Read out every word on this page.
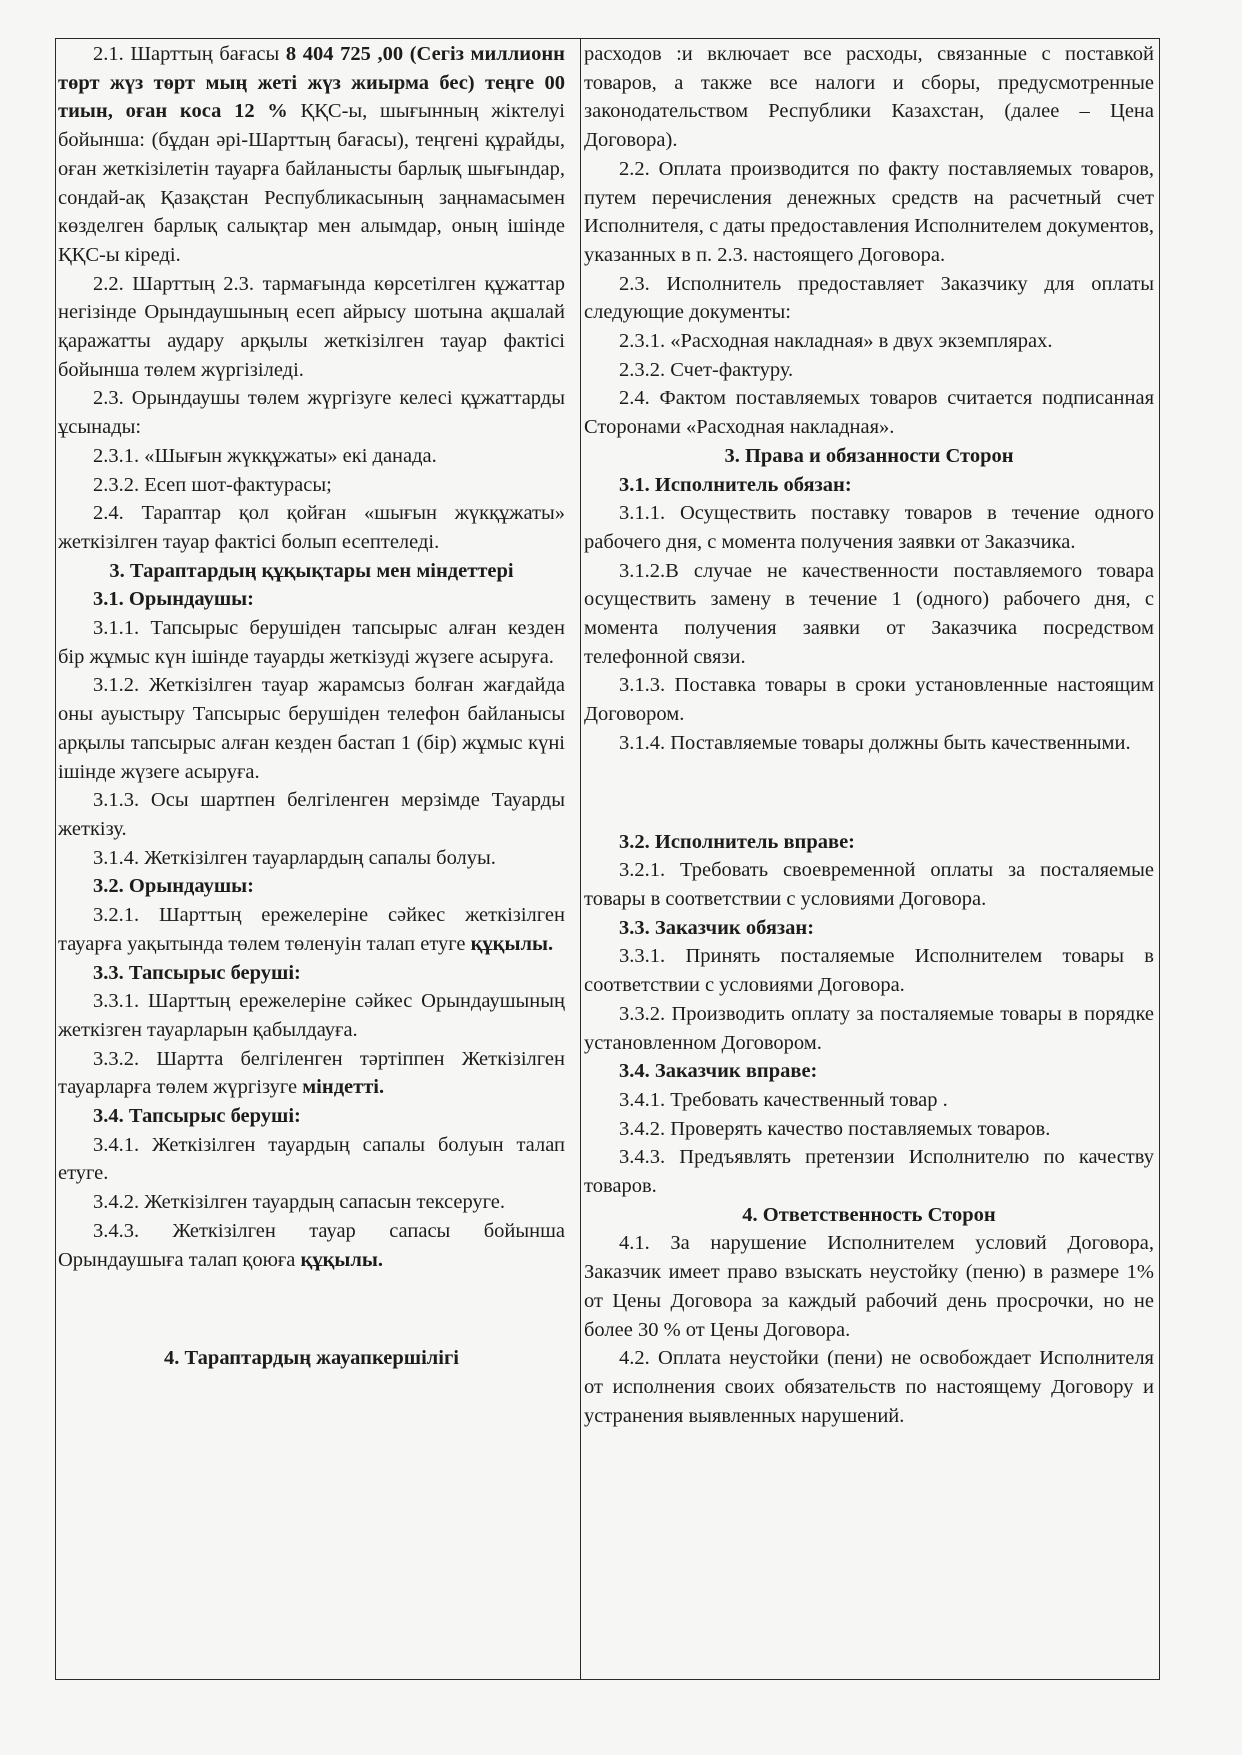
2.1. Шарттың бағасы 8 404 725 ,00 (Сегіз миллионн төрт жүз төрт мың жеті жүз жиырма бес) теңге 00 тиын, оған коса 12 % ҚҚС-ы, шығынның жіктелуі бойынша: (бұдан әрі-Шарттың бағасы), теңгені құрайды, оған жеткізілетін тауарға байланысты барлық шығындар, сондай-ақ Қазақстан Республикасының заңнамасымен көзделген барлық салықтар мен алымдар, оның ішінде ҚҚС-ы кіреді.

2.2. Шарттың 2.3. тармағында көрсетілген құжаттар негізінде Орындаушының есеп айрысу шотына ақшалай қаражатты аудару арқылы жеткізілген тауар фактісі бойынша төлем жүргізіледі.

2.3. Орындаушы төлем жүргізуге келесі құжаттарды ұсынады:

2.3.1. «Шығын жүкқұжаты» екі данада.

2.3.2. Есеп шот-фактурасы;

2.4. Тараптар қол қойған «шығын жүкқұжаты» жеткізілген тауар фактісі болып есептеледі.

3. Тараптардың құқықтары мен міндеттері

3.1. Орындаушы:

3.1.1. Тапсырыс берушіден тапсырыс алған кезден бір жұмыс күн ішінде тауарды жеткізуді жүзеге асыруға.

3.1.2. Жеткізілген тауар жарамсыз болған жағдайда оны ауыстыру Тапсырыс берушіден телефон байланысы арқылы тапсырыс алған кезден бастап 1 (бір) жұмыс күні ішінде жүзеге асыруға.

3.1.3. Осы шартпен белгіленген мерзімде Тауарды жеткізу.

3.1.4. Жеткізілген тауарлардың сапалы болуы.

3.2. Орындаушы:

3.2.1. Шарттың ережелеріне сәйкес жеткізілген тауарға уақытында төлем төленуін талап етуге құқылы.

3.3. Тапсырыс беруші:

3.3.1. Шарттың ережелеріне сәйкес Орындаушының жеткізген тауарларын қабылдауға.

3.3.2. Шартта белгіленген тәртіппен Жеткізілген тауарларға төлем жүргізуге міндетті.

3.4. Тапсырыс беруші:

3.4.1. Жеткізілген тауардың сапалы болуын талап етуге.

3.4.2. Жеткізілген тауардың сапасын тексеруге.

3.4.3. Жеткізілген тауар сапасы бойынша Орындаушыға талап қоюға құқылы.

4. Тараптардың жауапкершілігі

расходов :и включает все расходы, связанные с поставкой товаров, а также все налоги и сборы, предусмотренные законодательством Республики Казахстан, (далее – Цена Договора).

2.2. Оплата производится по факту поставляемых товаров, путем перечисления денежных средств на расчетный счет Исполнителя, с даты предоставления Исполнителем документов, указанных в п. 2.3. настоящего Договора.

2.3. Исполнитель предоставляет Заказчику для оплаты следующие документы:

2.3.1. «Расходная накладная» в двух экземплярах.

2.3.2. Счет-фактуру.

2.4. Фактом поставляемых товаров считается подписанная Сторонами «Расходная накладная».

3. Права и обязанности Сторон

3.1. Исполнитель обязан:

3.1.1. Осуществить поставку товаров в течение одного рабочего дня, с момента получения заявки от Заказчика.

3.1.2.В случае не качественности поставляемого товара осуществить замену в течение 1 (одного) рабочего дня, с момента получения заявки от Заказчика посредством телефонной связи.

3.1.3. Поставка товары в сроки установленные настоящим Договором.

3.1.4. Поставляемые товары должны быть качественными.

3.2. Исполнитель вправе:

3.2.1. Требовать своевременной оплаты за посталяемые товары в соответствии с условиями Договора.

3.3. Заказчик обязан:

3.3.1. Принять посталяемые Исполнителем товары в соответствии с условиями Договора.

3.3.2. Производить оплату за посталяемые товары в порядке установленном Договором.

3.4. Заказчик вправе:

3.4.1. Требовать качественный товар .

3.4.2. Проверять качество поставляемых товаров.

3.4.3. Предъявлять претензии Исполнителю по качеству товаров.

4. Ответственность Сторон

4.1. За нарушение Исполнителем условий Договора, Заказчик имеет право взыскать неустойку (пеню) в размере 1% от Цены Договора за каждый рабочий день просрочки, но не более 30 % от Цены Договора.

4.2. Оплата неустойки (пени) не освобождает Исполнителя от исполнения своих обязательств по настоящему Договору и устранения выявленных нарушений.
